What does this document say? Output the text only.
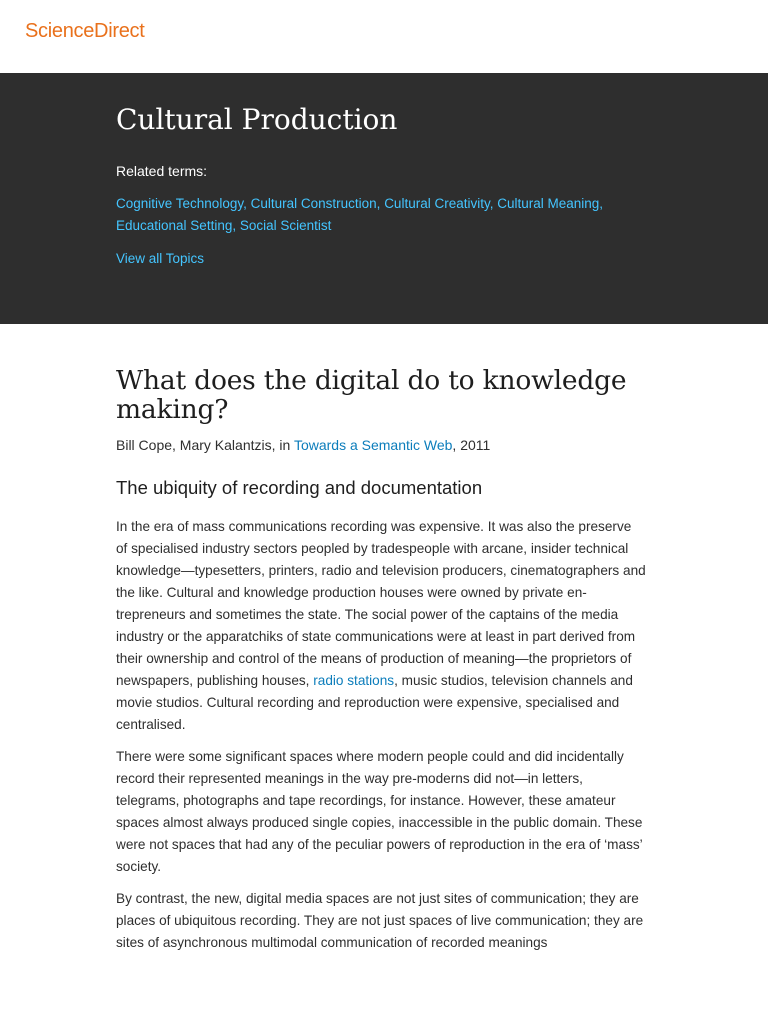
ScienceDirect
Cultural Production
Related terms:
Cognitive Technology, Cultural Construction, Cultural Creativity, Cultural Meaning, Educational Setting, Social Scientist
View all Topics
What does the digital do to knowledge making?
Bill Cope, Mary Kalantzis, in Towards a Semantic Web, 2011
The ubiquity of recording and documentation

In the era of mass communications recording was expensive. It was also the preserve of specialised industry sectors peopled by tradespeople with arcane, insider technical knowledge—typesetters, printers, radio and television producers, cinematographers and the like. Cultural and knowledge production houses were owned by private entrepreneurs and sometimes the state. The social power of the captains of the media industry or the apparatchiks of state communications were at least in part derived from their ownership and control of the means of production of meaning—the proprietors of newspapers, publishing houses, radio stations, music studios, television channels and movie studios. Cultural recording and reproduction were expensive, specialised and centralised.

There were some significant spaces where modern people could and did incidentally record their represented meanings in the way pre-moderns did not—in letters, telegrams, photographs and tape recordings, for instance. However, these amateur spaces almost always produced single copies, inaccessible in the public domain. These were not spaces that had any of the peculiar powers of reproduction in the era of ‘mass’ society.

By contrast, the new, digital media spaces are not just sites of communication; they are places of ubiquitous recording. They are not just spaces of live communication; they are sites of asynchronous multimodal communication of recorded meanings
